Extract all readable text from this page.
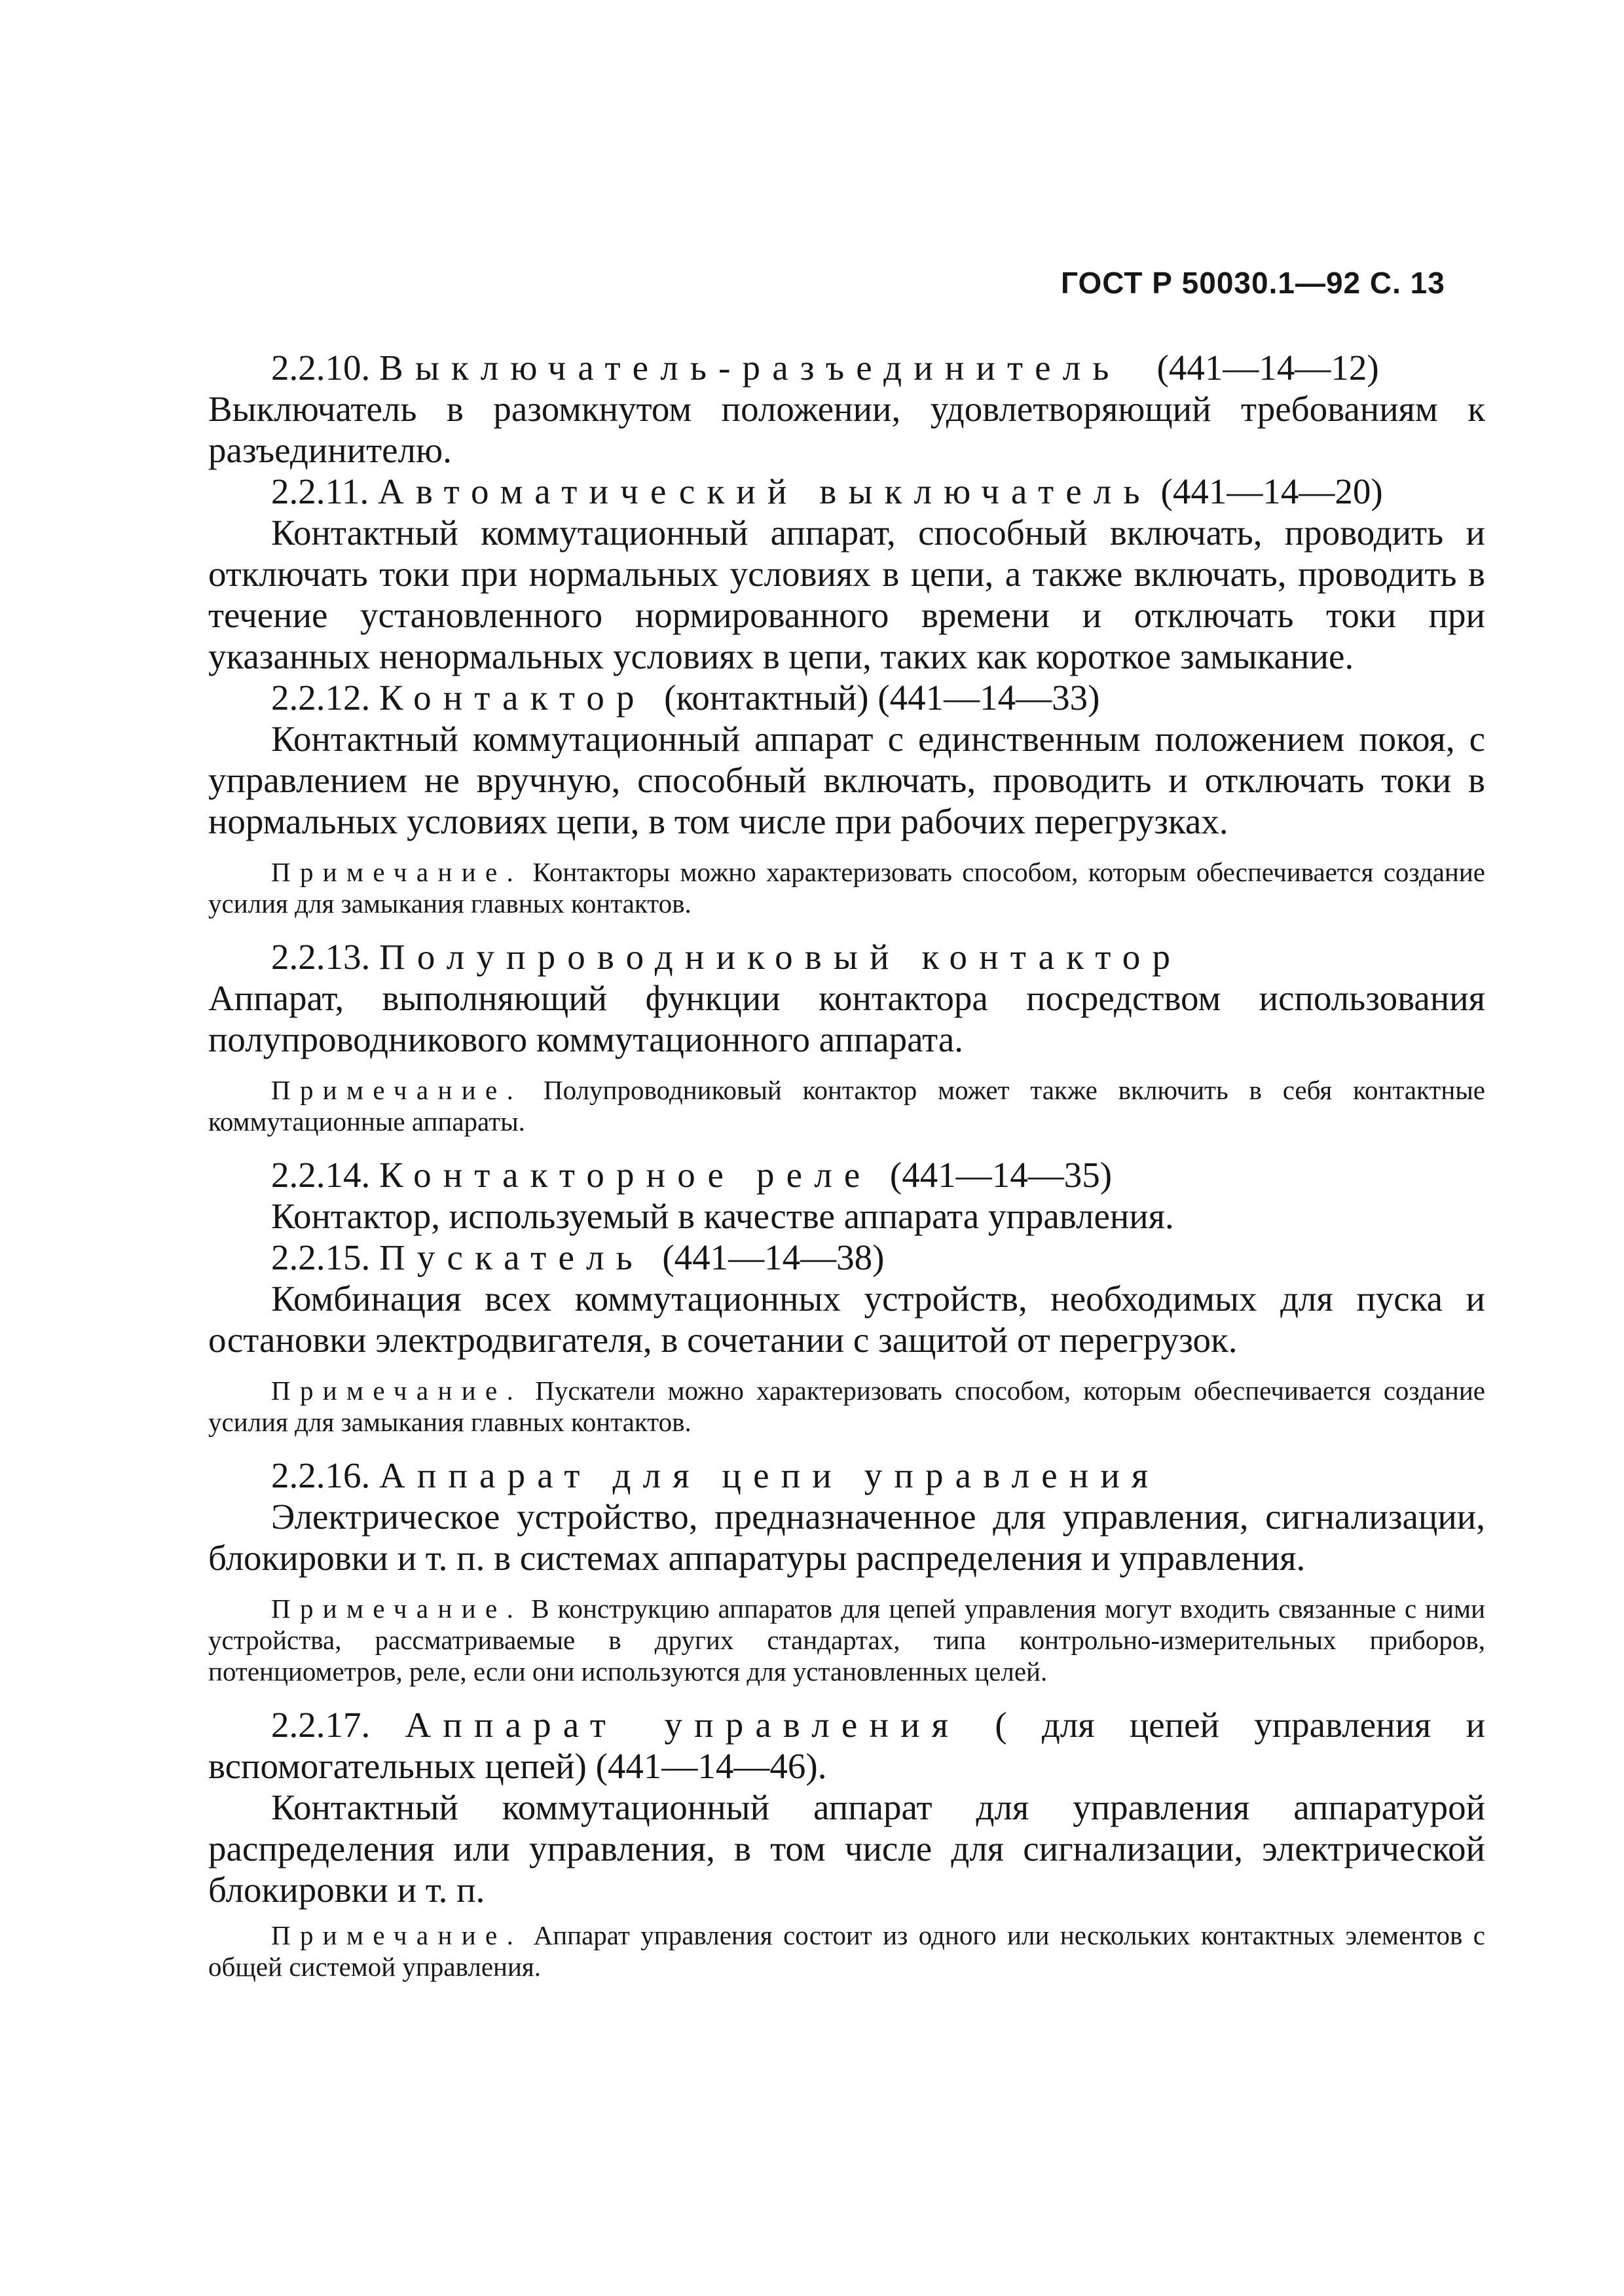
ГОСТ Р 50030.1—92 С. 13
2.2.10. Выключатель-разъединитель (441—14—12)

Выключатель в разомкнутом положении, удовлетворяющий требованиям к разъединителю.

2.2.11. Автоматический выключатель (441—14—20)

Контактный коммутационный аппарат, способный включать, проводить и отключать токи при нормальных условиях в цепи, а также включать, проводить в течение установленного нормированного времени и отключать токи при указанных ненормальных условиях в цепи, таких как короткое замыкание.

2.2.12. Контактор (контактный) (441—14—33)

Контактный коммутационный аппарат с единственным положением покоя, с управлением не вручную, способный включать, проводить и отключать токи в нормальных условиях цепи, в том числе при рабочих перегрузках.

Примечание. Контакторы можно характеризовать способом, которым обеспечивается создание усилия для замыкания главных контактов.
2.2.13. Полупроводниковый контактор

Аппарат, выполняющий функции контактора посредством использования полупроводникового коммутационного аппарата.

Примечание. Полупроводниковый контактор может также включить в себя контактные коммутационные аппараты.
2.2.14. Контакторное реле (441—14—35)

Контактор, используемый в качестве аппарата управления.

2.2.15. Пускатель (441—14—38)

Комбинация всех коммутационных устройств, необходимых для пуска и остановки электродвигателя, в сочетании с защитой от перегрузок.

Примечание. Пускатели можно характеризовать способом, которым обеспечивается создание усилия для замыкания главных контактов.
2.2.16. Аппарат для цепи управления

Электрическое устройство, предназначенное для управления, сигнализации, блокировки и т. п. в системах аппаратуры распределения и управления.

Примечание. В конструкцию аппаратов для цепей управления могут входить связанные с ними устройства, рассматриваемые в других стандартах, типа контрольно-измерительных приборов, потенциометров, реле, если они используются для установленных целей.

2.2.17. Аппарат управления ( для цепей управления и вспомогательных цепей) (441—14—46).

Контактный коммутационный аппарат для управления аппаратурой распределения или управления, в том числе для сигнализации, электрической блокировки и т. п.

Примечание. Аппарат управления состоит из одного или нескольких контактных элементов с общей системой управления.
